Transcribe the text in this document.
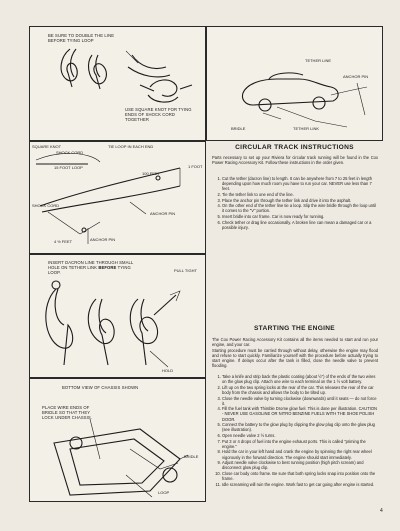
BE SURE TO DOUBLE THE LINE BEFORE TYING LOOP
USE SQUARE KNOT FOR TYING ENDS OF SHOCK CORD TOGETHER
TETHER LINE
ANCHOR PIN
BRIDLE	TETHER LINK
SQUARE KNOT	TIE LOOP IN EACH END
SHOCK CORD
15 FOOT LOOP
100 FEET
1 FOOT
SHOCK CORD
ANCHOR PIN
4 ½ FEET	ANCHOR PIN
INSERT DACRON LINE THROUGH SMALL HOLE ON TETHER LINK BEFORE TYING LOOP.	PULL TIGHT
HOLD
BOTTOM VIEW OF CHASSIS SHOWN
PLACE WIRE ENDS OF BRIDLE SO THAT THEY LOCK UNDER CHASSIS.
BRIDLE
LOOP
CIRCULAR TRACK INSTRUCTIONS
Parts necessary to set up your Riviera for circular track running will be found in the Cox Power Racing Accessory Kit. Follow these instructions in the order given.
1. Cut the tether (dacron line) to length. It can be anywhere from 7 to 25 feet in length depending upon how much room you have to run your car. NEVER use less than 7 feet.
2. Tie the tether link to one end of the line.
3. Place the anchor pin through the tether link and drive it into the asphalt.
4. On the other end of the tether line tie a loop. Slip the wire bridle through the loop until it comes to the "V" portion.
5. Insert bridle into car frame. Car is now ready for running.
6. Check tether or drag line occasionally. A broken line can mean a damaged car or a possible injury.
STARTING THE ENGINE
The Cox Power Racing Accessory Kit contains all the items needed to start and run your engine, and your car.
Starting procedure must be carried through without delay, otherwise the engine may flood and refuse to start quickly. Familiarize yourself with the procedure before actually trying to start engine. If delays occur after the tank is filled, close the needle valve to prevent flooding.
1. Take a knife and strip back the plastic coating (about ½") of the ends of the two wires on the glow plug clip. Attach one wire to each terminal on the 1 ½ volt battery.
2. Lift up on the two spring locks at the rear of the car. This releases the rear of the car body from the chassis and allows the body to be tilted up.
3. Close the needle valve by turning clockwise (downwards) until it seats — do not force it.
4. Fill the fuel tank with Thimble Drome glow fuel. This is done per illustration. CAUTION - NEVER USE GASOLINE OR NITRO BENZINE FUELS WITH THE SHOE POLISH DOOR.
5. Connect the battery to the glow plug by clipping the glow plug clip onto the glow plug (see illustration).
6. Open needle valve 2 ½ turns.
7. Put 3 or 4 drops of fuel into the engine exhaust ports. This is called "priming the engine."
8. Hold the car in your left hand and crank the engine by spinning the right rear wheel vigorously in the forward direction. The engine should start immediately.
9. Adjust needle valve clockwise to best running position (high pitch scream) and disconnect glow plug clip.
10. Close car body onto frame. Be sure that both spring locks snap into position onto the frame.
11. Idle screaming will ruin the engine. Work fast to get car going after engine is started.
4
